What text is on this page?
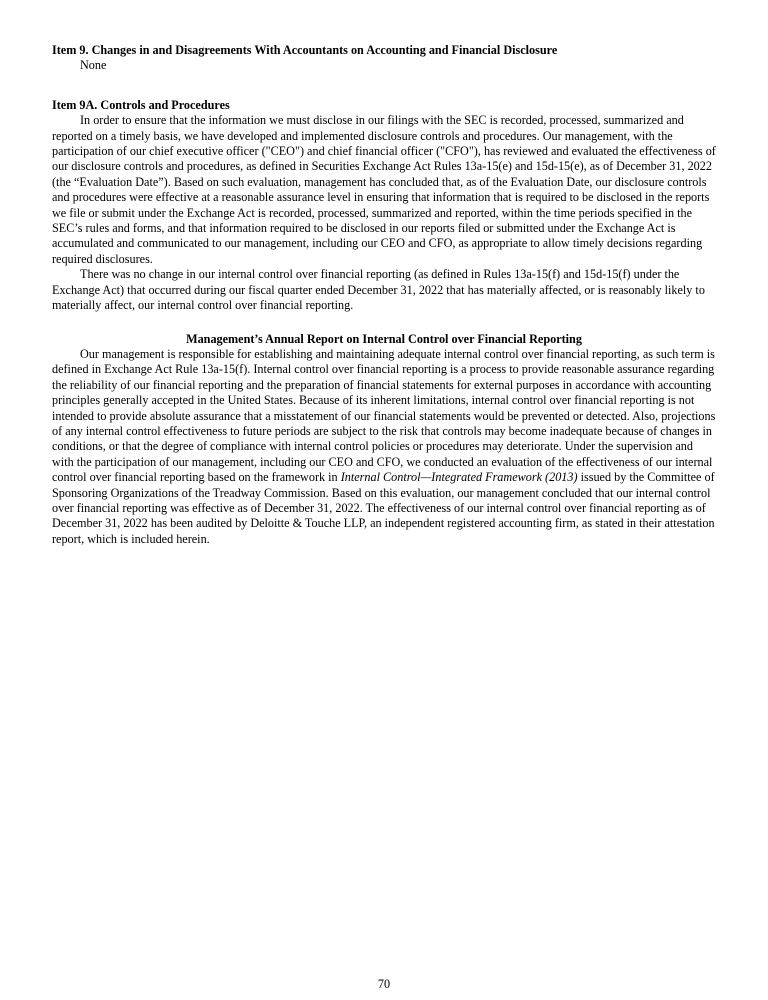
Item 9. Changes in and Disagreements With Accountants on Accounting and Financial Disclosure

None

Item 9A. Controls and Procedures

In order to ensure that the information we must disclose in our filings with the SEC is recorded, processed, summarized and reported on a timely basis, we have developed and implemented disclosure controls and procedures. Our management, with the participation of our chief executive officer ("CEO") and chief financial officer ("CFO"), has reviewed and evaluated the effectiveness of our disclosure controls and procedures, as defined in Securities Exchange Act Rules 13a-15(e) and 15d-15(e), as of December 31, 2022 (the “Evaluation Date”). Based on such evaluation, management has concluded that, as of the Evaluation Date, our disclosure controls and procedures were effective at a reasonable assurance level in ensuring that information that is required to be disclosed in the reports we file or submit under the Exchange Act is recorded, processed, summarized and reported, within the time periods specified in the SEC’s rules and forms, and that information required to be disclosed in our reports filed or submitted under the Exchange Act is accumulated and communicated to our management, including our CEO and CFO, as appropriate to allow timely decisions regarding required disclosures.

There was no change in our internal control over financial reporting (as defined in Rules 13a-15(f) and 15d-15(f) under the Exchange Act) that occurred during our fiscal quarter ended December 31, 2022 that has materially affected, or is reasonably likely to materially affect, our internal control over financial reporting.

Management’s Annual Report on Internal Control over Financial Reporting

Our management is responsible for establishing and maintaining adequate internal control over financial reporting, as such term is defined in Exchange Act Rule 13a-15(f). Internal control over financial reporting is a process to provide reasonable assurance regarding the reliability of our financial reporting and the preparation of financial statements for external purposes in accordance with accounting principles generally accepted in the United States. Because of its inherent limitations, internal control over financial reporting is not intended to provide absolute assurance that a misstatement of our financial statements would be prevented or detected. Also, projections of any internal control effectiveness to future periods are subject to the risk that controls may become inadequate because of changes in conditions, or that the degree of compliance with internal control policies or procedures may deteriorate. Under the supervision and with the participation of our management, including our CEO and CFO, we conducted an evaluation of the effectiveness of our internal control over financial reporting based on the framework in Internal Control—Integrated Framework (2013) issued by the Committee of Sponsoring Organizations of the Treadway Commission. Based on this evaluation, our management concluded that our internal control over financial reporting was effective as of December 31, 2022. The effectiveness of our internal control over financial reporting as of December 31, 2022 has been audited by Deloitte & Touche LLP, an independent registered accounting firm, as stated in their attestation report, which is included herein.

70
